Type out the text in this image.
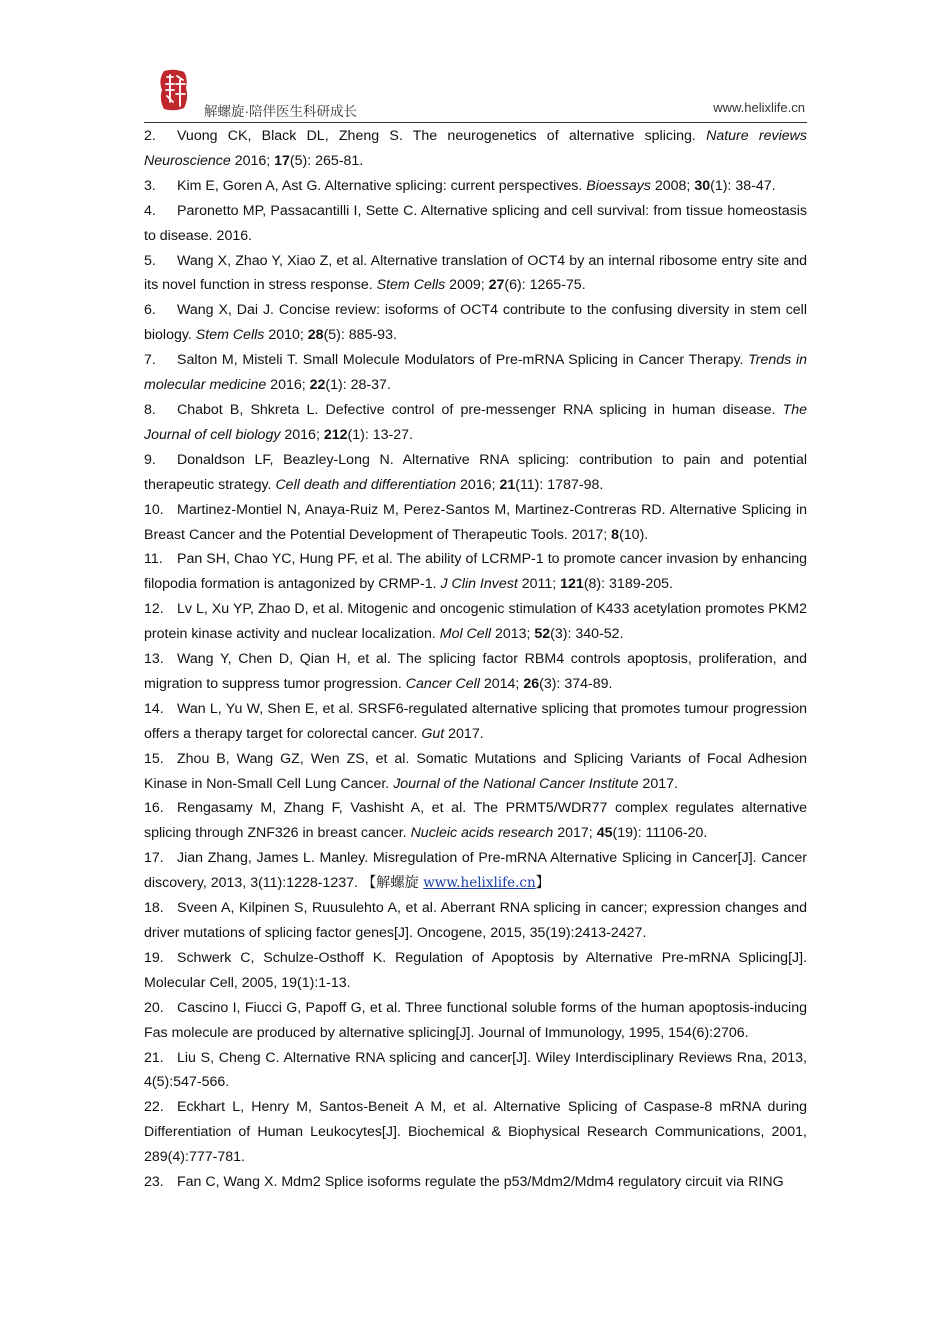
解螺旋·陪伴医生科研成长	www.helixlife.cn
2. Vuong CK, Black DL, Zheng S. The neurogenetics of alternative splicing. Nature reviews Neuroscience 2016; 17(5): 265-81.
3. Kim E, Goren A, Ast G. Alternative splicing: current perspectives. Bioessays 2008; 30(1): 38-47.
4. Paronetto MP, Passacantilli I, Sette C. Alternative splicing and cell survival: from tissue homeostasis to disease. 2016.
5. Wang X, Zhao Y, Xiao Z, et al. Alternative translation of OCT4 by an internal ribosome entry site and its novel function in stress response. Stem Cells 2009; 27(6): 1265-75.
6. Wang X, Dai J. Concise review: isoforms of OCT4 contribute to the confusing diversity in stem cell biology. Stem Cells 2010; 28(5): 885-93.
7. Salton M, Misteli T. Small Molecule Modulators of Pre-mRNA Splicing in Cancer Therapy. Trends in molecular medicine 2016; 22(1): 28-37.
8. Chabot B, Shkreta L. Defective control of pre-messenger RNA splicing in human disease. The Journal of cell biology 2016; 212(1): 13-27.
9. Donaldson LF, Beazley-Long N. Alternative RNA splicing: contribution to pain and potential therapeutic strategy. Cell death and differentiation 2016; 21(11): 1787-98.
10. Martinez-Montiel N, Anaya-Ruiz M, Perez-Santos M, Martinez-Contreras RD. Alternative Splicing in Breast Cancer and the Potential Development of Therapeutic Tools. 2017; 8(10).
11. Pan SH, Chao YC, Hung PF, et al. The ability of LCRMP-1 to promote cancer invasion by enhancing filopodia formation is antagonized by CRMP-1. J Clin Invest 2011; 121(8): 3189-205.
12. Lv L, Xu YP, Zhao D, et al. Mitogenic and oncogenic stimulation of K433 acetylation promotes PKM2 protein kinase activity and nuclear localization. Mol Cell 2013; 52(3): 340-52.
13. Wang Y, Chen D, Qian H, et al. The splicing factor RBM4 controls apoptosis, proliferation, and migration to suppress tumor progression. Cancer Cell 2014; 26(3): 374-89.
14. Wan L, Yu W, Shen E, et al. SRSF6-regulated alternative splicing that promotes tumour progression offers a therapy target for colorectal cancer. Gut 2017.
15. Zhou B, Wang GZ, Wen ZS, et al. Somatic Mutations and Splicing Variants of Focal Adhesion Kinase in Non-Small Cell Lung Cancer. Journal of the National Cancer Institute 2017.
16. Rengasamy M, Zhang F, Vashisht A, et al. The PRMT5/WDR77 complex regulates alternative splicing through ZNF326 in breast cancer. Nucleic acids research 2017; 45(19): 11106-20.
17. Jian Zhang, James L. Manley. Misregulation of Pre-mRNA Alternative Splicing in Cancer[J]. Cancer discovery, 2013, 3(11):1228-1237. 【解螺旋 www.helixlife.cn】
18. Sveen A, Kilpinen S, Ruusulehto A, et al. Aberrant RNA splicing in cancer; expression changes and driver mutations of splicing factor genes[J]. Oncogene, 2015, 35(19):2413-2427.
19. Schwerk C, Schulze-Osthoff K. Regulation of Apoptosis by Alternative Pre-mRNA Splicing[J]. Molecular Cell, 2005, 19(1):1-13.
20. Cascino I, Fiucci G, Papoff G, et al. Three functional soluble forms of the human apoptosis-inducing Fas molecule are produced by alternative splicing[J]. Journal of Immunology, 1995, 154(6):2706.
21. Liu S, Cheng C. Alternative RNA splicing and cancer[J]. Wiley Interdisciplinary Reviews Rna, 2013, 4(5):547-566.
22. Eckhart L, Henry M, Santos-Beneit A M, et al. Alternative Splicing of Caspase-8 mRNA during Differentiation of Human Leukocytes[J]. Biochemical & Biophysical Research Communications, 2001, 289(4):777-781.
23. Fan C, Wang X. Mdm2 Splice isoforms regulate the p53/Mdm2/Mdm4 regulatory circuit via RING
